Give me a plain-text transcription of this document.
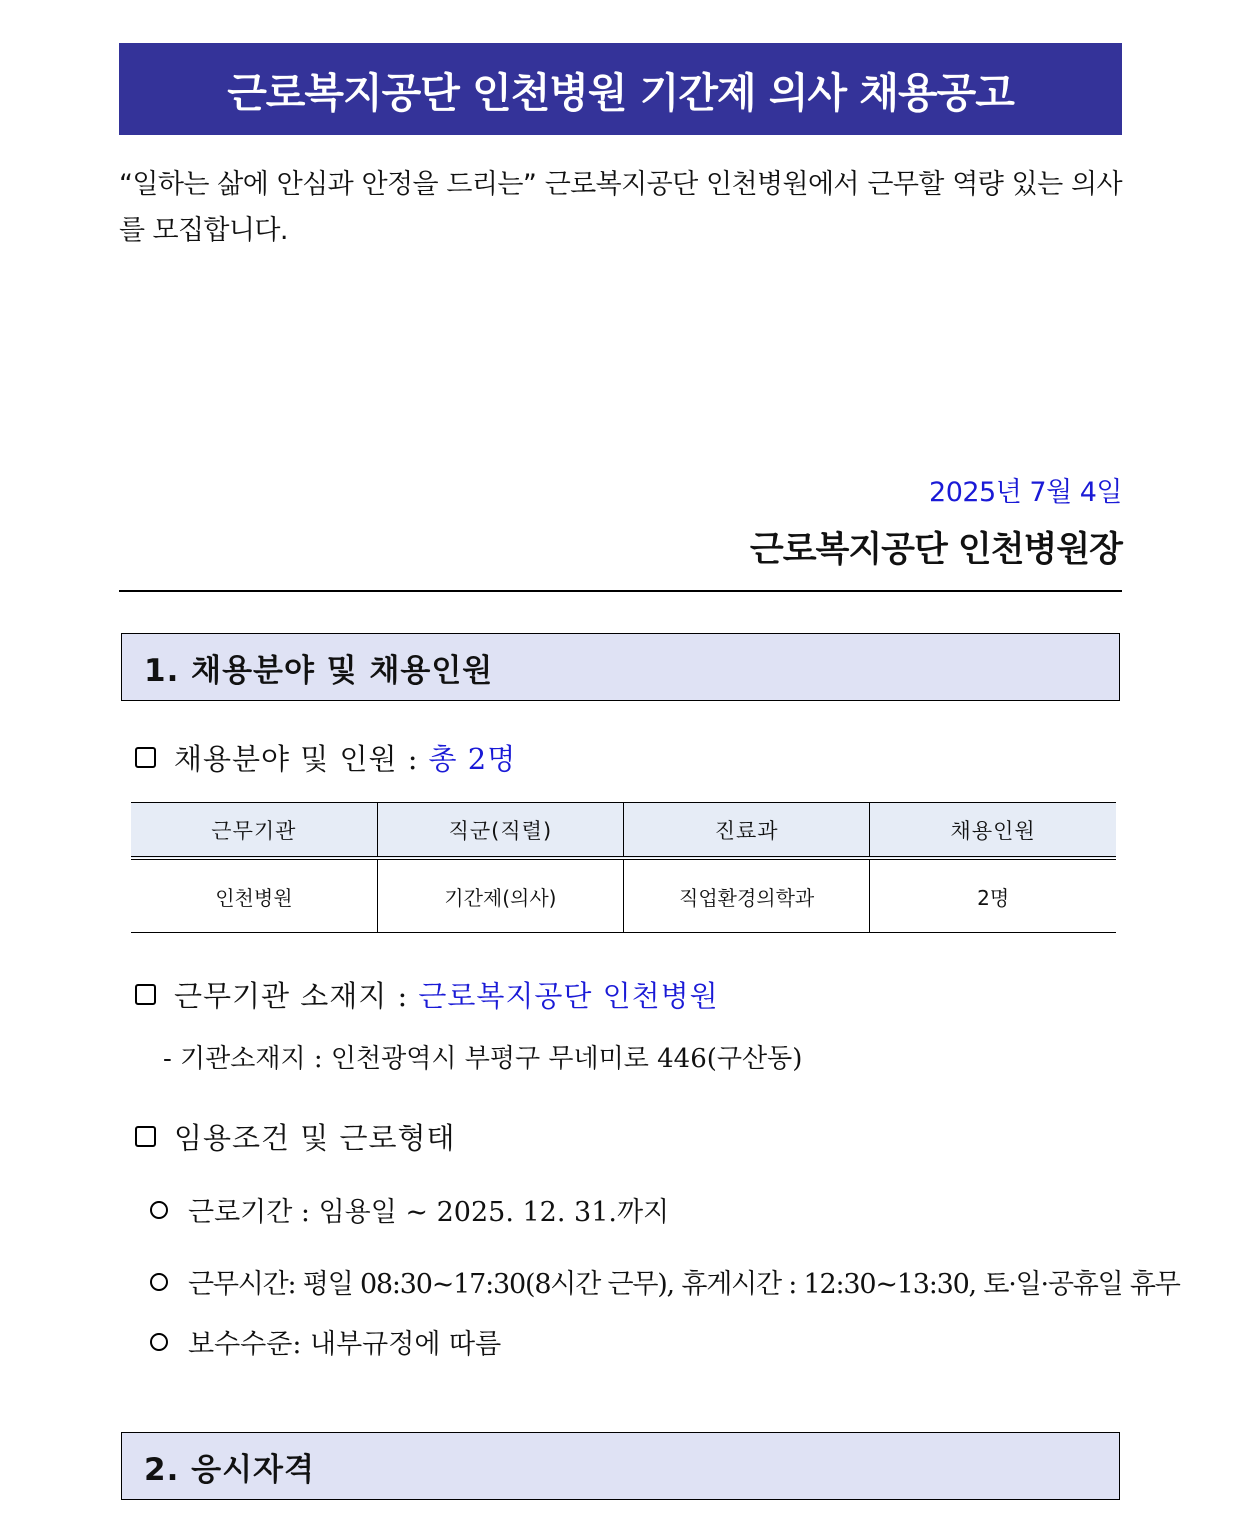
근로복지공단 인천병원 기간제 의사 채용공고
“일하는 삶에 안심과 안정을 드리는” 근로복지공단 인천병원에서 근무할 역량 있는 의사를 모집합니다.
2025년 7월 4일
근로복지공단 인천병원장
1. 채용분야 및 채용인원
채용분야 및 인원 : 총 2명
근무기관	직군(직렬)	진료과	채용인원
인천병원	기간제(의사)	직업환경의학과	2명
근무기관 소재지 : 근로복지공단 인천병원
- 기관소재지 : 인천광역시 부평구 무네미로 446(구산동)
임용조건 및 근로형태
근로기간 : 임용일 ~ 2025. 12. 31.까지
근무시간: 평일 08:30~17:30(8시간 근무), 휴게시간 : 12:30~13:30, 토·일·공휴일 휴무
보수수준: 내부규정에 따름
2. 응시자격
